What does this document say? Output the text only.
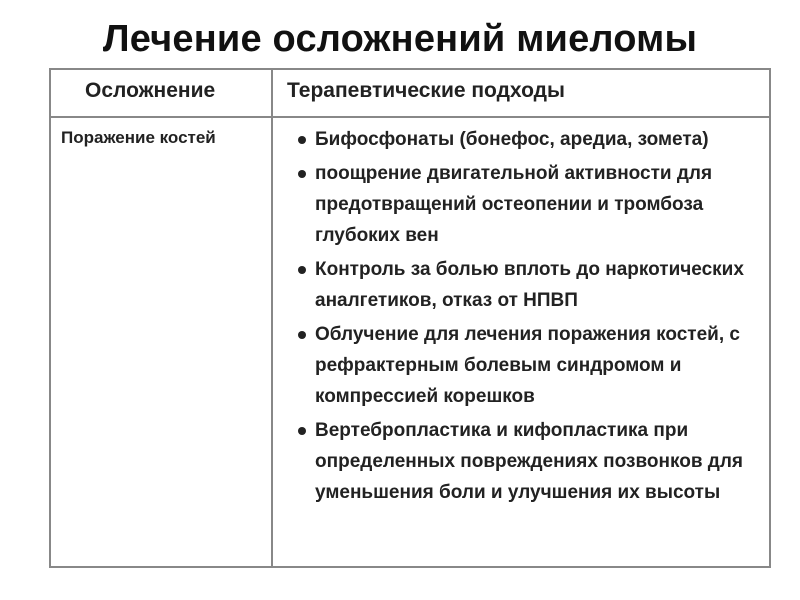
Лечение осложнений миеломы
Осложнение	Терапевтические подходы
Поражение костей	Бифосфонаты (бонефос, аредиа, зомета)
поощрение двигательной активности для предотвращений остеопении и тромбоза глубоких вен
Контроль за болью вплоть до наркотических аналгетиков, отказ от НПВП
Облучение для лечения поражения костей, с рефрактерным болевым синдромом и компрессией корешков
Вертебропластика и кифопластика при определенных повреждениях позвонков для уменьшения боли и улучшения их высоты
